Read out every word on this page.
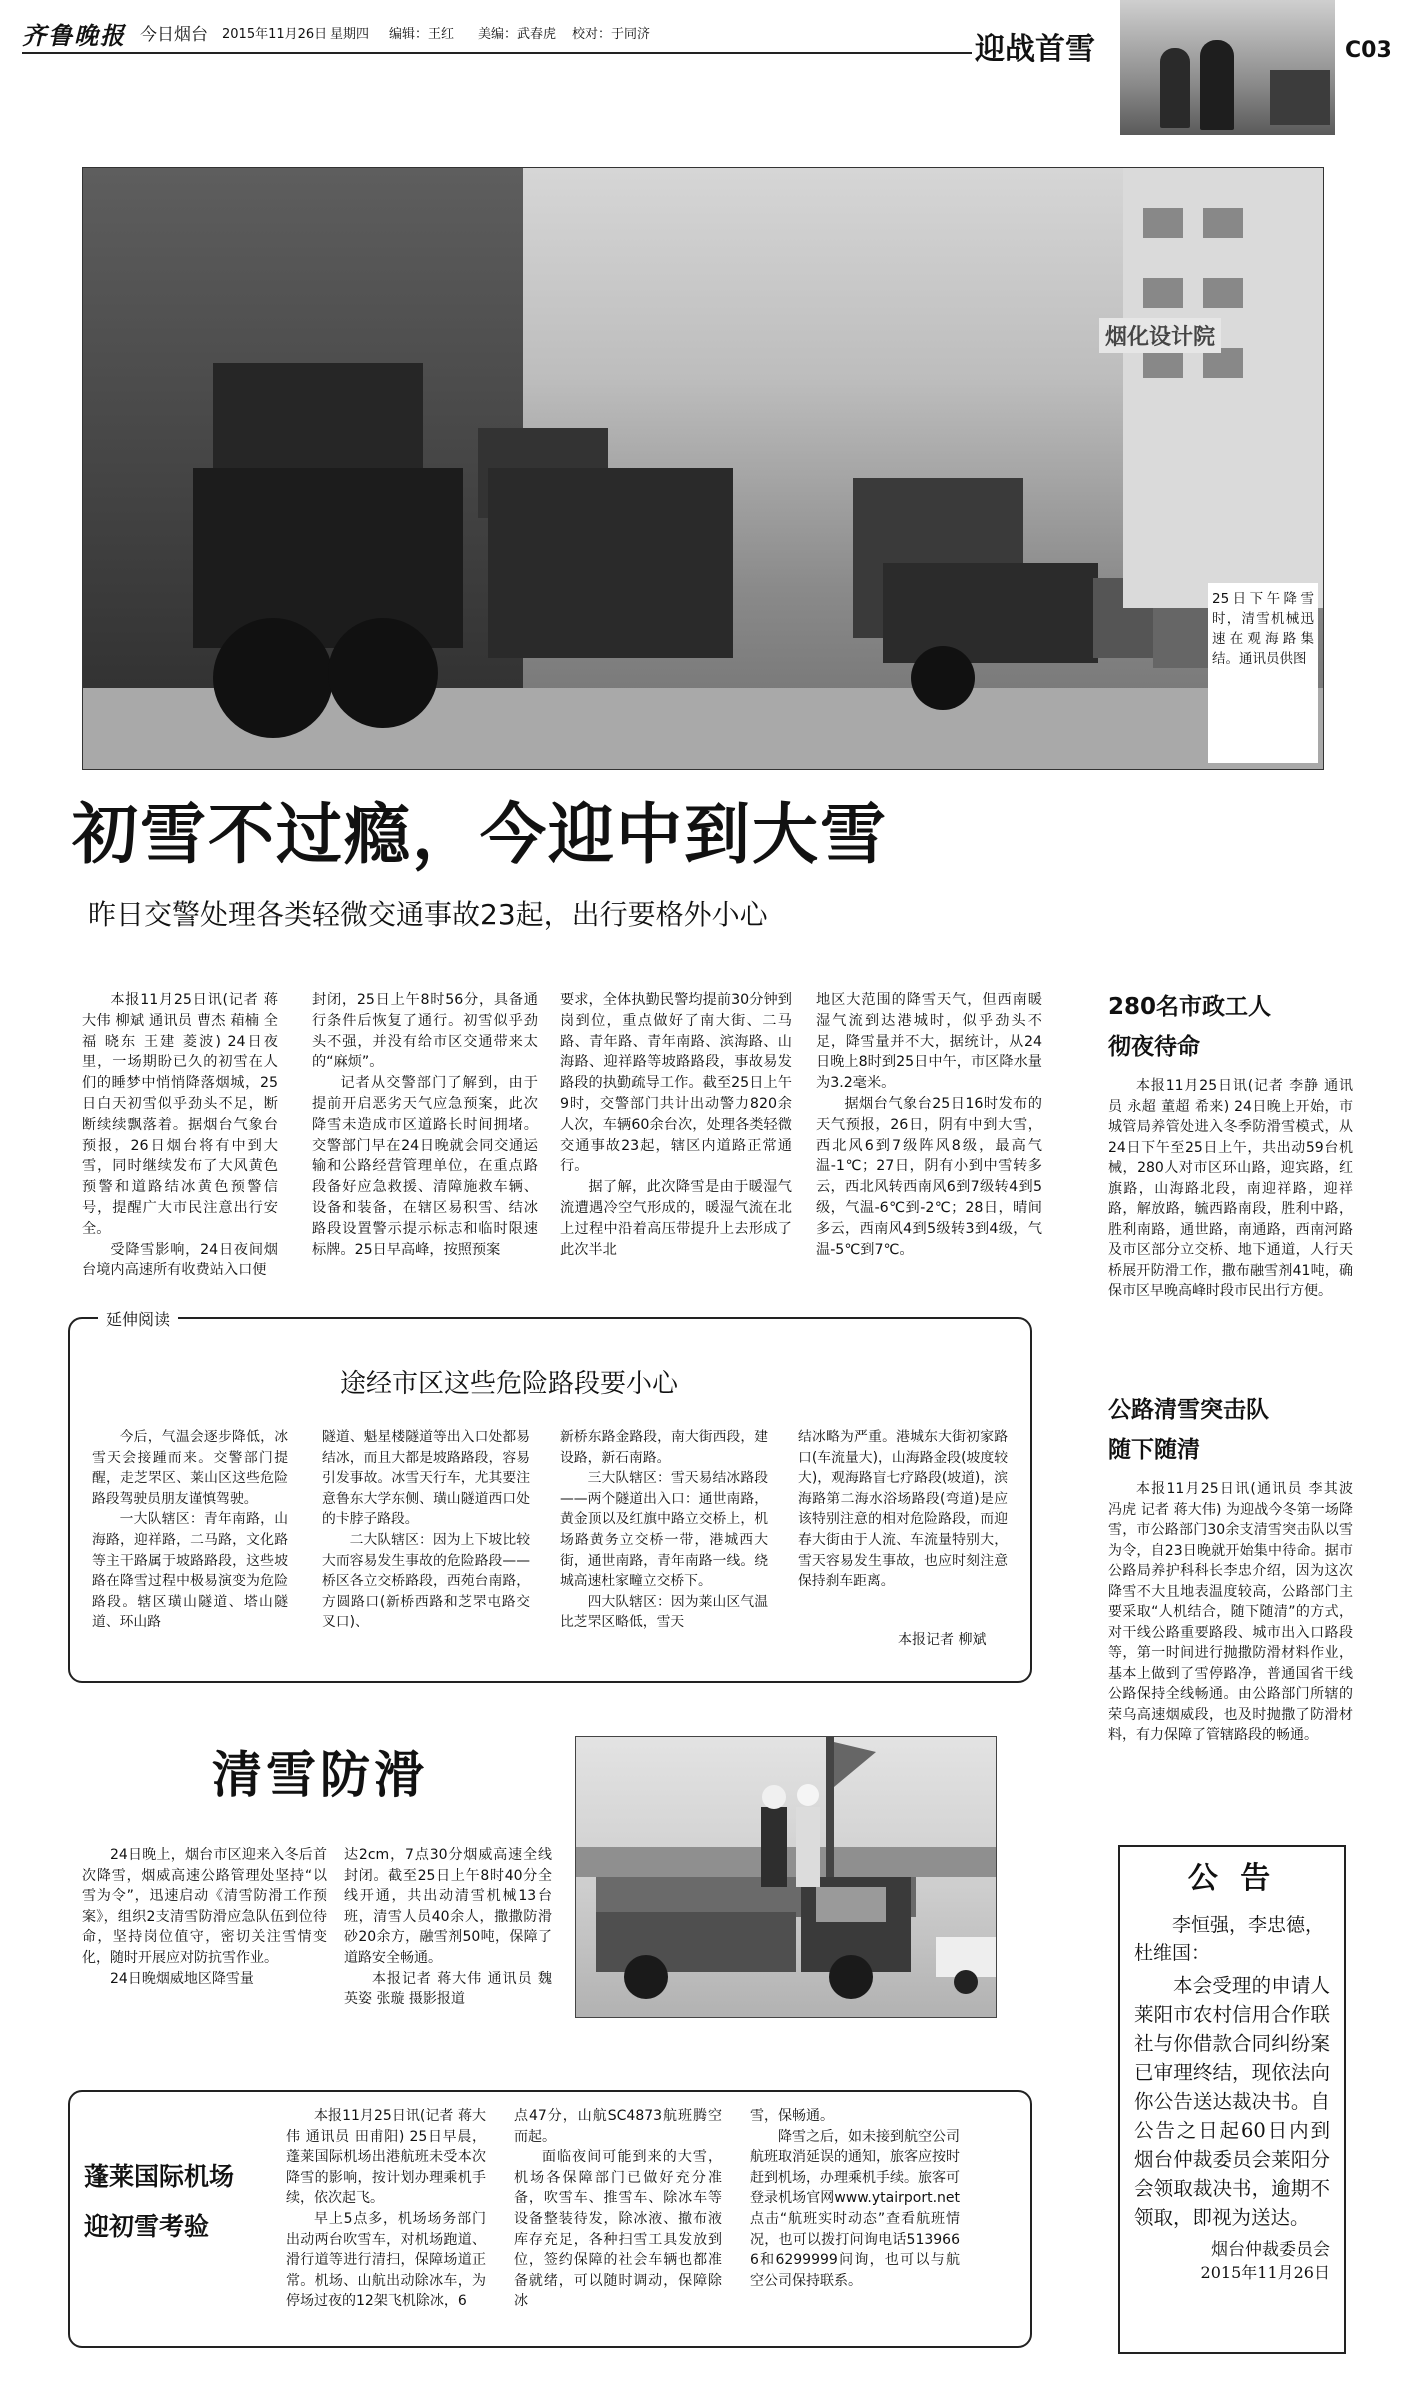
齐鲁晚报 今日烟台 2015年11月26日 星期四 编辑：王红 美编：武春虎 校对：于同济	迎战首雪	C03
烟化设计院
25日下午降雪时，清雪机械迅速在观海路集结。通讯员供图
初雪不过瘾，今迎中到大雪
昨日交警处理各类轻微交通事故23起，出行要格外小心

本报11月25日讯(记者 蒋大伟 柳斌 通讯员 曹杰 葙楠 全福 晓东 王建 菱波) 24日夜里，一场期盼已久的初雪在人们的睡梦中悄悄降落烟城，25日白天初雪似乎劲头不足，断断续续飘落着。据烟台气象台预报，26日烟台将有中到大雪，同时继续发布了大风黄色预警和道路结冰黄色预警信号，提醒广大市民注意出行安全。

受降雪影响，24日夜间烟台境内高速所有收费站入口便

封闭，25日上午8时56分，具备通行条件后恢复了通行。初雪似乎劲头不强，并没有给市区交通带来太的“麻烦”。

记者从交警部门了解到，由于提前开启恶劣天气应急预案，此次降雪未造成市区道路长时间拥堵。交警部门早在24日晚就会同交通运输和公路经营管理单位，在重点路段备好应急救援、清障施救车辆、设备和装备，在辖区易积雪、结冰路段设置警示提示标志和临时限速标牌。25日早高峰，按照预案

要求，全体执勤民警均提前30分钟到岗到位，重点做好了南大街、二马路、青年路、青年南路、滨海路、山海路、迎祥路等坡路路段，事故易发路段的执勤疏导工作。截至25日上午9时，交警部门共计出动警力820余人次，车辆60余台次，处理各类轻微交通事故23起，辖区内道路正常通行。

据了解，此次降雪是由于暖湿气流遭遇冷空气形成的，暖湿气流在北上过程中沿着高压带提升上去形成了此次半北

地区大范围的降雪天气，但西南暖湿气流到达港城时，似乎劲头不足，降雪量并不大，据统计，从24日晚上8时到25日中午，市区降水量为3.2毫米。

据烟台气象台25日16时发布的天气预报，26日，阴有中到大雪，西北风6到7级阵风8级，最高气温-1℃；27日，阴有小到中雪转多云，西北风转西南风6到7级转4到5级，气温-6℃到-2℃；28日，晴间多云，西南风4到5级转3到4级，气温-5℃到7℃。

延伸阅读
途经市区这些危险路段要小心

今后，气温会逐步降低，冰雪天会接踵而来。交警部门提醒，走芝罘区、莱山区这些危险路段驾驶员朋友谨慎驾驶。

一大队辖区：青年南路，山海路，迎祥路，二马路，文化路等主干路属于坡路路段，这些坡路在降雪过程中极易演变为危险路段。辖区璜山隧道、塔山隧道、环山路

隧道、魁星楼隧道等出入口处都易结冰，而且大都是坡路路段，容易引发事故。冰雪天行车，尤其要注意鲁东大学东侧、璜山隧道西口处的卡脖子路段。

二大队辖区：因为上下坡比较大而容易发生事故的危险路段——桥区各立交桥路段，西苑台南路，方圆路口(新桥西路和芝罘屯路交叉口)、

新桥东路金路段，南大街西段，建设路，新石南路。

三大队辖区：雪天易结冰路段——两个隧道出入口：通世南路，黄金顶以及红旗中路立交桥上，机场路黄务立交桥一带，港城西大街，通世南路，青年南路一线。绕城高速杜家疃立交桥下。

四大队辖区：因为莱山区气温比芝罘区略低，雪天

结冰略为严重。港城东大街初家路口(车流量大)，山海路金段(坡度较大)，观海路盲七疗路段(坡道)，滨海路第二海水浴场路段(弯道)是应该特别注意的相对危险路段，而迎春大街由于人流、车流量特别大，雪天容易发生事故，也应时刻注意保持刹车距离。

本报记者 柳斌
280名市政工人
彻夜待命

本报11月25日讯(记者 李静 通讯员 永超 董超 希来) 24日晚上开始，市城管局养管处进入冬季防滑雪模式，从24日下午至25日上午，共出动59台机械，280人对市区环山路，迎宾路，红旗路，山海路北段，南迎祥路，迎祥路，解放路，毓西路南段，胜利中路，胜利南路，通世路，南通路，西南河路及市区部分立交桥、地下通道，人行天桥展开防滑工作，撒布融雪剂41吨，确保市区早晚高峰时段市民出行方便。

公路清雪突击队
随下随清

本报11月25日讯(通讯员 李其波 冯虎 记者 蒋大伟) 为迎战今冬第一场降雪，市公路部门30余支清雪突击队以雪为令，自23日晚就开始集中待命。据市公路局养护科科长李忠介绍，因为这次降雪不大且地表温度较高，公路部门主要采取“人机结合，随下随清”的方式，对干线公路重要路段、城市出入口路段等，第一时间进行抛撒防滑材料作业，基本上做到了雪停路净，普通国省干线公路保持全线畅通。由公路部门所辖的荣乌高速烟威段，也及时抛撒了防滑材料，有力保障了管辖路段的畅通。

公 告
李恒强，李忠德，杜维国：
本会受理的申请人莱阳市农村信用合作联社与你借款合同纠纷案已审理终结，现依法向你公告送达裁决书。自公告之日起60日内到烟台仲裁委员会莱阳分会领取裁决书，逾期不领取，即视为送达。
烟台仲裁委员会
2015年11月26日
清雪防滑

24日晚上，烟台市区迎来入冬后首次降雪，烟威高速公路管理处坚持“以雪为令”，迅速启动《清雪防滑工作预案》，组织2支清雪防滑应急队伍到位待命，坚持岗位值守，密切关注雪情变化，随时开展应对防抗雪作业。

24日晚烟威地区降雪量

达2cm，7点30分烟威高速全线封闭。截至25日上午8时40分全线开通，共出动清雪机械13台班，清雪人员40余人，撒撒防滑砂20余方，融雪剂50吨，保障了道路安全畅通。

本报记者 蒋大伟 通讯员 魏英姿 张璇 摄影报道

蓬莱国际机场
迎初雪考验

本报11月25日讯(记者 蒋大伟 通讯员 田甫阳) 25日早晨，蓬莱国际机场出港航班未受本次降雪的影响，按计划办理乘机手续，依次起飞。

早上5点多，机场场务部门出动两台吹雪车，对机场跑道、滑行道等进行清扫，保障场道正常。机场、山航出动除冰车，为停场过夜的12架飞机除冰，6

点47分，山航SC4873航班腾空而起。

面临夜间可能到来的大雪，机场各保障部门已做好充分准备，吹雪车、推雪车、除冰车等设备整装待发，除冰液、撤布液库存充足，各种扫雪工具发放到位，签约保障的社会车辆也都准备就绪，可以随时调动，保障除冰

雪，保畅通。

降雪之后，如未接到航空公司航班取消延误的通知，旅客应按时赶到机场，办理乘机手续。旅客可登录机场官网www.ytairport.net点击“航班实时动态”查看航班情况，也可以拨打问询电话5139666和6299999问询，也可以与航空公司保持联系。
